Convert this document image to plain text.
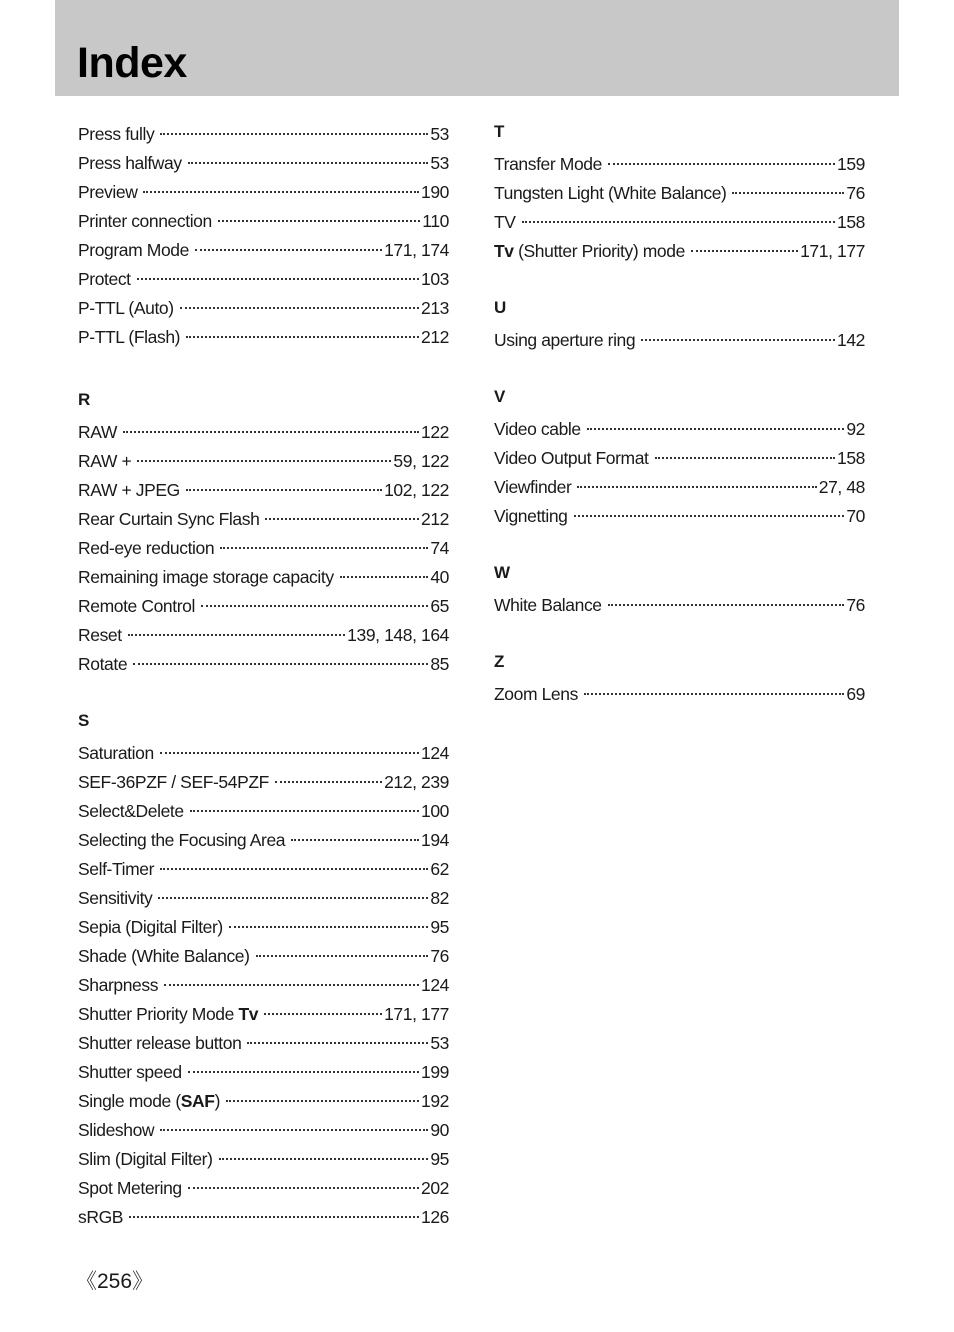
Index
Press fully	53
Press halfway	53
Preview	190
Printer connection	110
Program Mode	171, 174
Protect	103
P-TTL (Auto)	213
P-TTL (Flash)	212
R
RAW	122
RAW +	59, 122
RAW + JPEG	102, 122
Rear Curtain Sync Flash	212
Red-eye reduction	74
Remaining image storage capacity	40
Remote Control	65
Reset	139, 148, 164
Rotate	85
S
Saturation	124
SEF-36PZF / SEF-54PZF	212, 239
Select&Delete	100
Selecting the Focusing Area	194
Self-Timer	62
Sensitivity	82
Sepia (Digital Filter)	95
Shade (White Balance)	76
Sharpness	124
Shutter Priority Mode Tv	171, 177
Shutter release button	53
Shutter speed	199
Single mode (SAF)	192
Slideshow	90
Slim (Digital Filter)	95
Spot Metering	202
sRGB	126
T
Transfer Mode	159
Tungsten Light (White Balance)	76
TV	158
Tv (Shutter Priority) mode	171, 177
U
Using aperture ring	142
V
Video cable	92
Video Output Format	158
Viewfinder	27, 48
Vignetting	70
W
White Balance	76
Z
Zoom Lens	69
《256》
